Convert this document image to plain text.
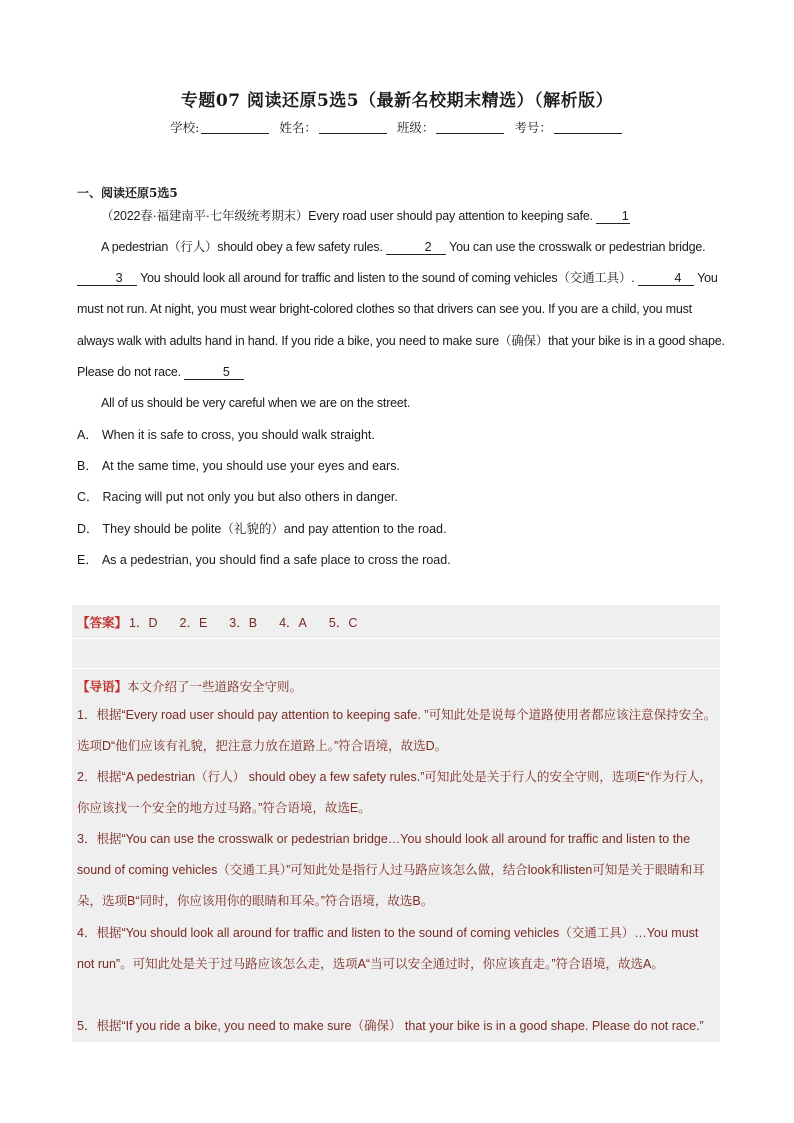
专题07 阅读还原5选5（最新名校期末精选）（解析版）
学校:	姓名：	班级：	考号：
一、阅读还原5选5
（2022春·福建南平·七年级统考期末）Every road user should pay attention to keeping safe. 1
A pedestrian（行人）should obey a few safety rules.	2 You can use the crosswalk or pedestrian bridge. 3 You should look all around for traffic and listen to the sound of coming vehicles（交通工具）.	4 You must not run. At night, you must wear bright-colored clothes so that drivers can see you. If you are a child, you must always walk with adults hand in hand. If you ride a bike, you need to make sure（确保）that your bike is in a good shape. Please do not race.	5
All of us should be very careful when we are on the street.
A． When it is safe to cross, you should walk straight.
B． At the same time, you should use your eyes and ears.
C． Racing will put not only you but also others in danger.
D． They should be polite（礼貌的）and pay attention to the road.
E． As a pedestrian, you should find a safe place to cross the road.
【答案】 1．D 2．E 3．B 4．A 5．C
【导语】本文介绍了一些道路安全守则。
1．根据“Every road user should pay attention to keeping safe. ”可知此处是说每个道路使用者都应该注意保持安全。选项D“他们应该有礼貌，把注意力放在道路上。”符合语境，故选D。
2．根据“A pedestrian（行人） should obey a few safety rules.”可知此处是关于行人的安全守则，选项E“作为行人，你应该找一个安全的地方过马路。”符合语境，故选E。
3．根据“You can use the crosswalk or pedestrian bridge…You should look all around for traffic and listen to the sound of coming vehicles（交通工具）”可知此处是指行人过马路应该怎么做，结合look和listen可知是关于眼睛和耳朵，选项B“同时，你应该用你的眼睛和耳朵。”符合语境，故选B。
4．根据“You should look all around for traffic and listen to the sound of coming vehicles（交通工具）…You must not run”。可知此处是关于过马路应该怎么走，选项A“当可以安全通过时，你应该直走。”符合语境，故选A。
5．根据“If you ride a bike, you need to make sure（确保） that your bike is in a good shape. Please do not race.”
